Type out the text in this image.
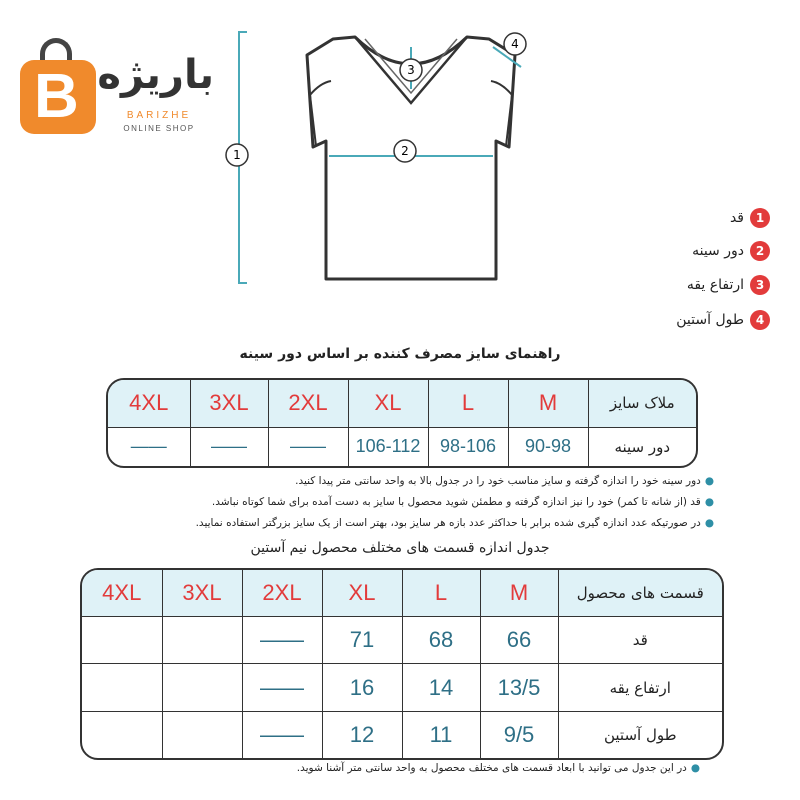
B باریژه
BARIZHE
ONLINE SHOP
1
3
2
4
1
قد
2
دور سینه
3
ارتفاع یقه
4
طول آستین
راهنمای سایز مصرف کننده بر اساس دور سینه
4XL	3XL	2XL	XL	L	M	ملاک سایز
——	——	——	106-112	98-106	90-98	دور سینه
●دور سینه خود را اندازه گرفته و سایز مناسب خود را در جدول بالا به واحد سانتی متر پیدا کنید.
●قد (از شانه تا کمر) خود را نیز اندازه گرفته و مطمئن شوید محصول با سایز به دست آمده برای شما کوتاه نباشد.
●در صورتیکه عدد اندازه گیری شده برابر با حداکثر عدد بازه هر سایز بود، بهتر است از یک سایز بزرگتر استفاده نمایید.
جدول اندازه قسمت های مختلف محصول نیم آستین
4XL	3XL	2XL	XL	L	M	قسمت های محصول
		——	71	68	66	قد
		——	16	14	13/5	ارتفاع یقه
		——	12	11	9/5	طول آستین
●در این جدول می توانید با ابعاد قسمت های مختلف محصول به واحد سانتی متر آشنا شوید.
